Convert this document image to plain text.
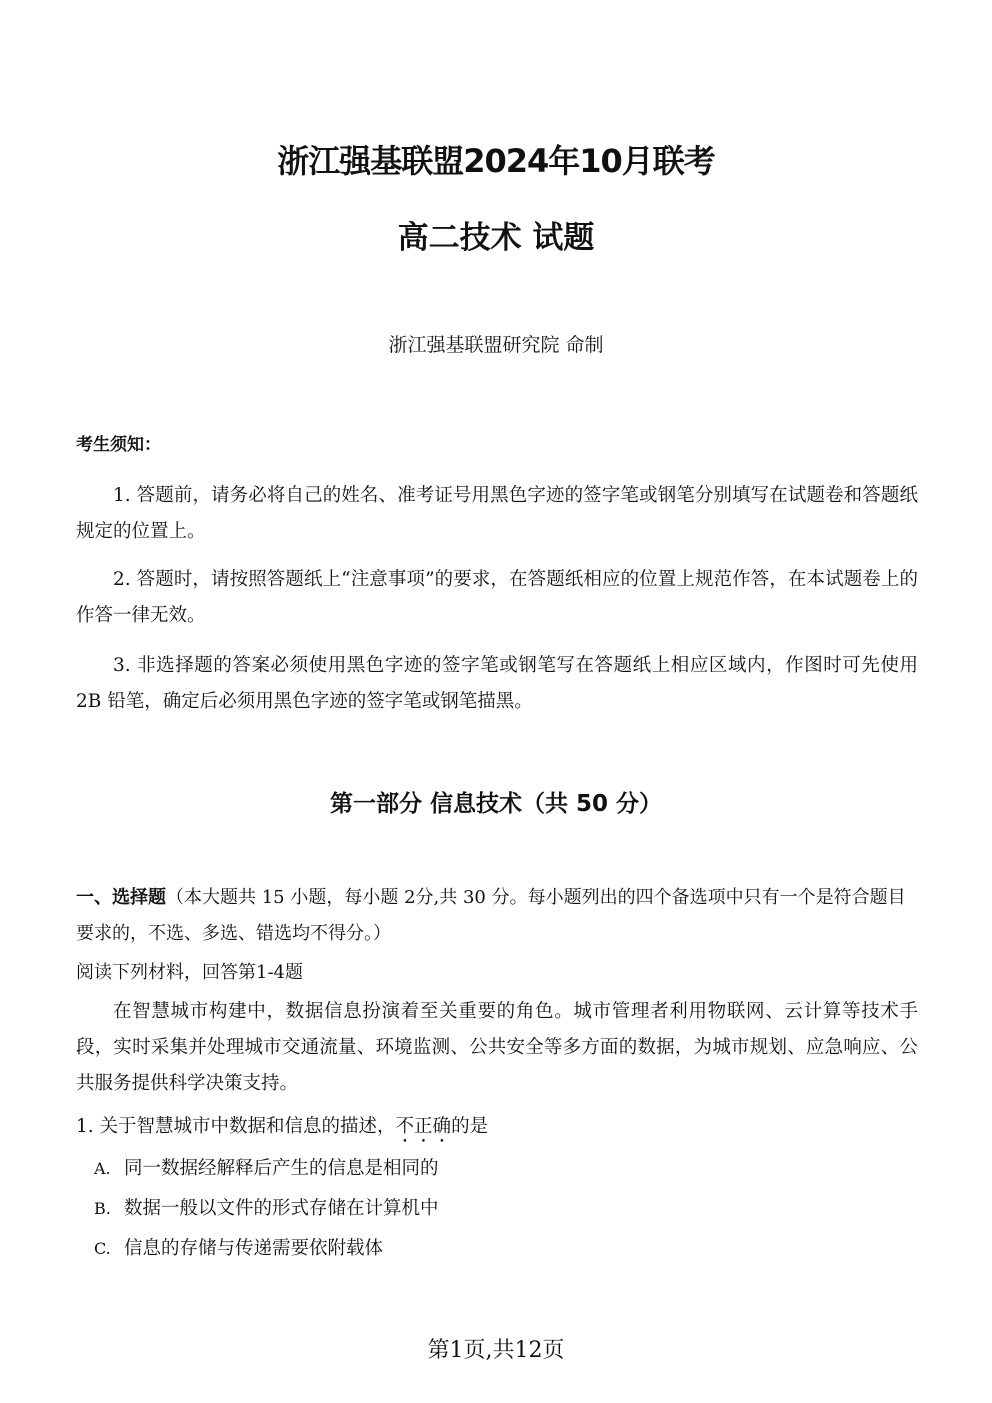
浙江强基联盟2024年10月联考
高二技术 试题
浙江强基联盟研究院 命制
考生须知：
1. 答题前，请务必将自己的姓名、准考证号用黑色字迹的签字笔或钢笔分别填写在试题卷和答题纸规定的位置上。
2. 答题时，请按照答题纸上“注意事项”的要求，在答题纸相应的位置上规范作答，在本试题卷上的作答一律无效。
3. 非选择题的答案必须使用黑色字迹的签字笔或钢笔写在答题纸上相应区域内，作图时可先使用 2B 铅笔，确定后必须用黑色字迹的签字笔或钢笔描黑。
第一部分 信息技术（共 50 分）
一、选择题（本大题共 15 小题，每小题 2分,共 30 分。每小题列出的四个备选项中只有一个是符合题目要求的，不选、多选、错选均不得分。）
阅读下列材料，回答第1-4题
在智慧城市构建中，数据信息扮演着至关重要的角色。城市管理者利用物联网、云计算等技术手段，实时采集并处理城市交通流量、环境监测、公共安全等多方面的数据，为城市规划、应急响应、公共服务提供科学决策支持。
1. 关于智慧城市中数据和信息的描述，不正确的是
A. 同一数据经解释后产生的信息是相同的
B. 数据一般以文件的形式存储在计算机中
C. 信息的存储与传递需要依附载体
第1页,共12页
